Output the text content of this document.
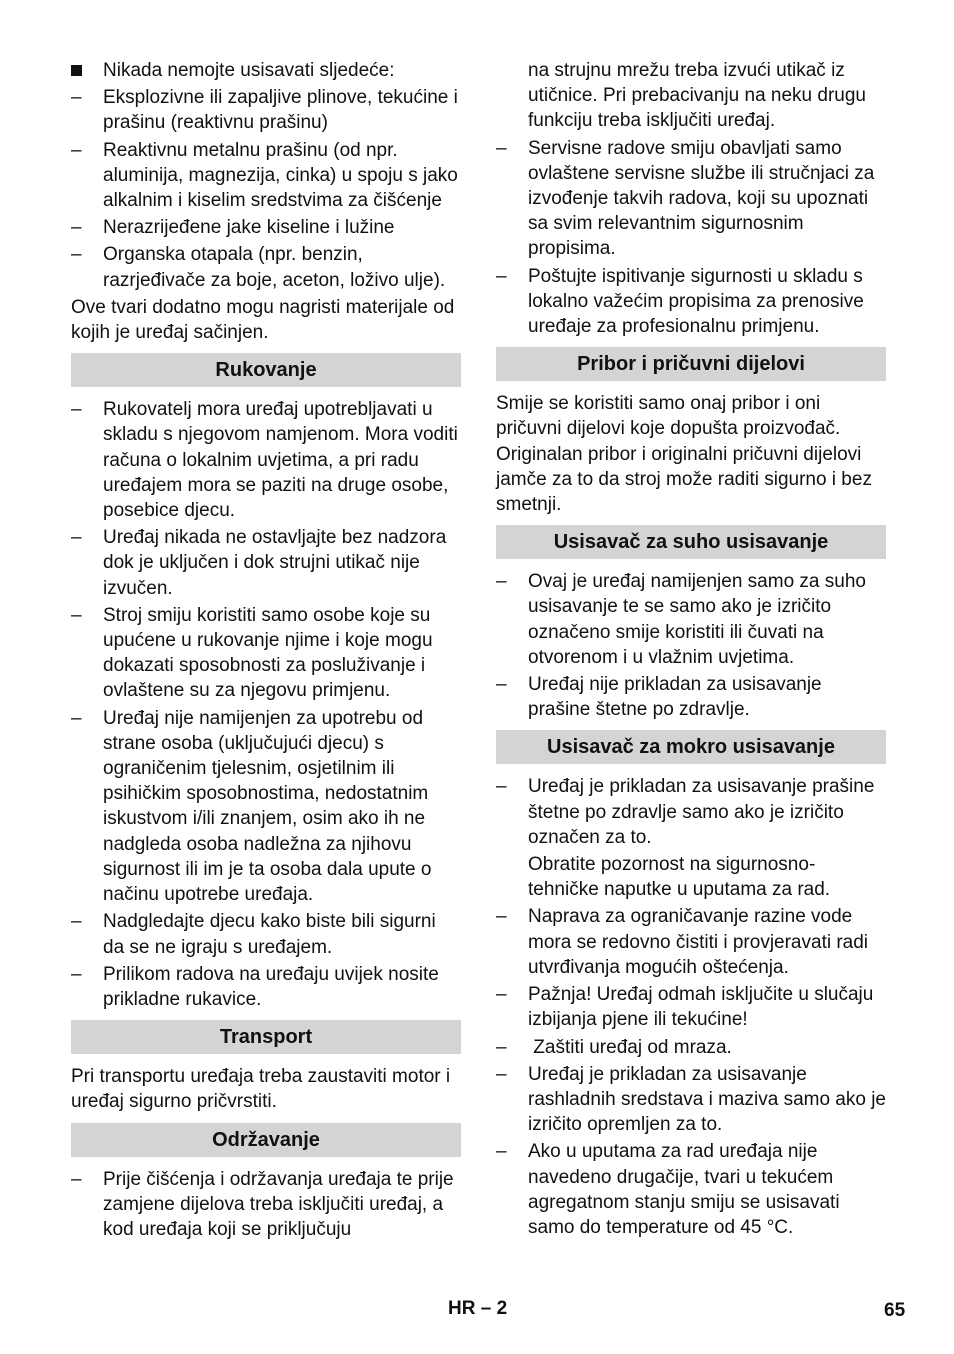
Nikada nemojte usisavati sljedeće:
–	Eksplozivne ili zapaljive plinove, tekućine i prašinu (reaktivnu prašinu)
–	Reaktivnu metalnu prašinu (od npr. aluminija, magnezija, cinka) u spoju s jako alkalnim i kiselim sredstvima za čišćenje
–	Nerazrijeđene jake kiseline i lužine
–	Organska otapala (npr. benzin, razrjeđivače za boje, aceton, loživo ulje).
Ove tvari dodatno mogu nagristi materijale od kojih je uređaj sačinjen.
Rukovanje
–	Rukovatelj mora uređaj upotrebljavati u skladu s njegovom namjenom. Mora voditi računa o lokalnim uvjetima, a pri radu uređajem mora se paziti na druge osobe, posebice djecu.
–	Uređaj nikada ne ostavljajte bez nadzora dok je uključen i dok strujni utikač nije izvučen.
–	Stroj smiju koristiti samo osobe koje su upućene u rukovanje njime i koje mogu dokazati sposobnosti za posluživanje i ovlaštene su za njegovu primjenu.
–	Uređaj nije namijenjen za upotrebu od strane osoba (uključujući djecu) s ograničenim tjelesnim, osjetilnim ili psihičkim sposobnostima, nedostatnim iskustvom i/ili znanjem, osim ako ih ne nadgleda osoba nadležna za njihovu sigurnost ili im je ta osoba dala upute o načinu upotrebe uređaja.
–	Nadgledajte djecu kako biste bili sigurni da se ne igraju s uređajem.
–	Prilikom radova na uređaju uvijek nosite prikladne rukavice.
Transport
Pri transportu uređaja treba zaustaviti motor i uređaj sigurno pričvrstiti.
Održavanje
–	Prije čišćenja i održavanja uređaja te prije zamjene dijelova treba isključiti uređaj, a kod uređaja koji se priključuju
na strujnu mrežu treba izvući utikač iz utičnice. Pri prebacivanju na neku drugu funkciju treba isključiti uređaj.
–	Servisne radove smiju obavljati samo ovlaštene servisne službe ili stručnjaci za izvođenje takvih radova, koji su upoznati sa svim relevantnim sigurnosnim propisima.
–	Poštujte ispitivanje sigurnosti u skladu s lokalno važećim propisima za prenosive uređaje za profesionalnu primjenu.
Pribor i pričuvni dijelovi
Smije se koristiti samo onaj pribor i oni pričuvni dijelovi koje dopušta proizvođač. Originalan pribor i originalni pričuvni dijelovi jamče za to da stroj može raditi sigurno i bez smetnji.
Usisavač za suho usisavanje
–	Ovaj je uređaj namijenjen samo za suho usisavanje te se samo ako je izričito označeno smije koristiti ili čuvati na otvorenom i u vlažnim uvjetima.
–	Uređaj nije prikladan za usisavanje prašine štetne po zdravlje.
Usisavač za mokro usisavanje
–	Uređaj je prikladan za usisavanje prašine štetne po zdravlje samo ako je izričito označen za to.
Obratite pozornost na sigurnosno-tehničke naputke u uputama za rad.
–	Naprava za ograničavanje razine vode mora se redovno čistiti i provjeravati radi utvrđivanja mogućih oštećenja.
–	Pažnja! Uređaj odmah isključite u slučaju izbijanja pjene ili tekućine!
–	Zaštiti uređaj od mraza.
–	Uređaj je prikladan za usisavanje rashladnih sredstava i maziva samo ako je izričito opremljen za to.
–	Ako u uputama za rad uređaja nije navedeno drugačije, tvari u tekućem agregatnom stanju smiju se usisavati samo do temperature od 45 °C.
HR – 2	65
